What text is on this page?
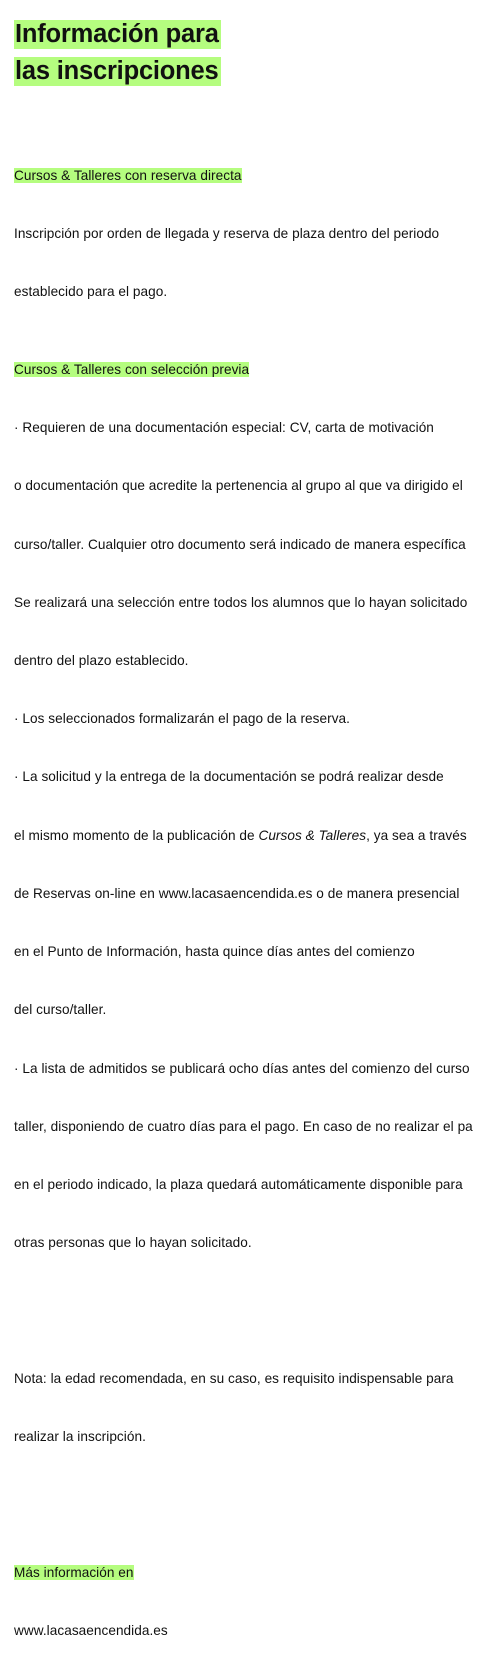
Información para
las inscripciones

Cursos & Talleres con reserva directa

Inscripción por orden de llegada y reserva de plaza dentro del periodo

establecido para el pago.

Cursos & Talleres con selección previa

· Requieren de una documentación especial: CV, carta de motivación

o documentación que acredite la pertenencia al grupo al que va dirigido el

curso/taller. Cualquier otro documento será indicado de manera específica

Se realizará una selección entre todos los alumnos que lo hayan solicitado

dentro del plazo establecido.

· Los seleccionados formalizarán el pago de la reserva.

· La solicitud y la entrega de la documentación se podrá realizar desde

el mismo momento de la publicación de Cursos & Talleres, ya sea a través

de Reservas on-line en www.lacasaencendida.es o de manera presencial

en el Punto de Información, hasta quince días antes del comienzo

del curso/taller.

· La lista de admitidos se publicará ocho días antes del comienzo del curso

taller, disponiendo de cuatro días para el pago. En caso de no realizar el pa

en el periodo indicado, la plaza quedará automáticamente disponible para

otras personas que lo hayan solicitado.

Nota: la edad recomendada, en su caso, es requisito indispensable para

realizar la inscripción.

Más información en

www.lacasaencendida.es
